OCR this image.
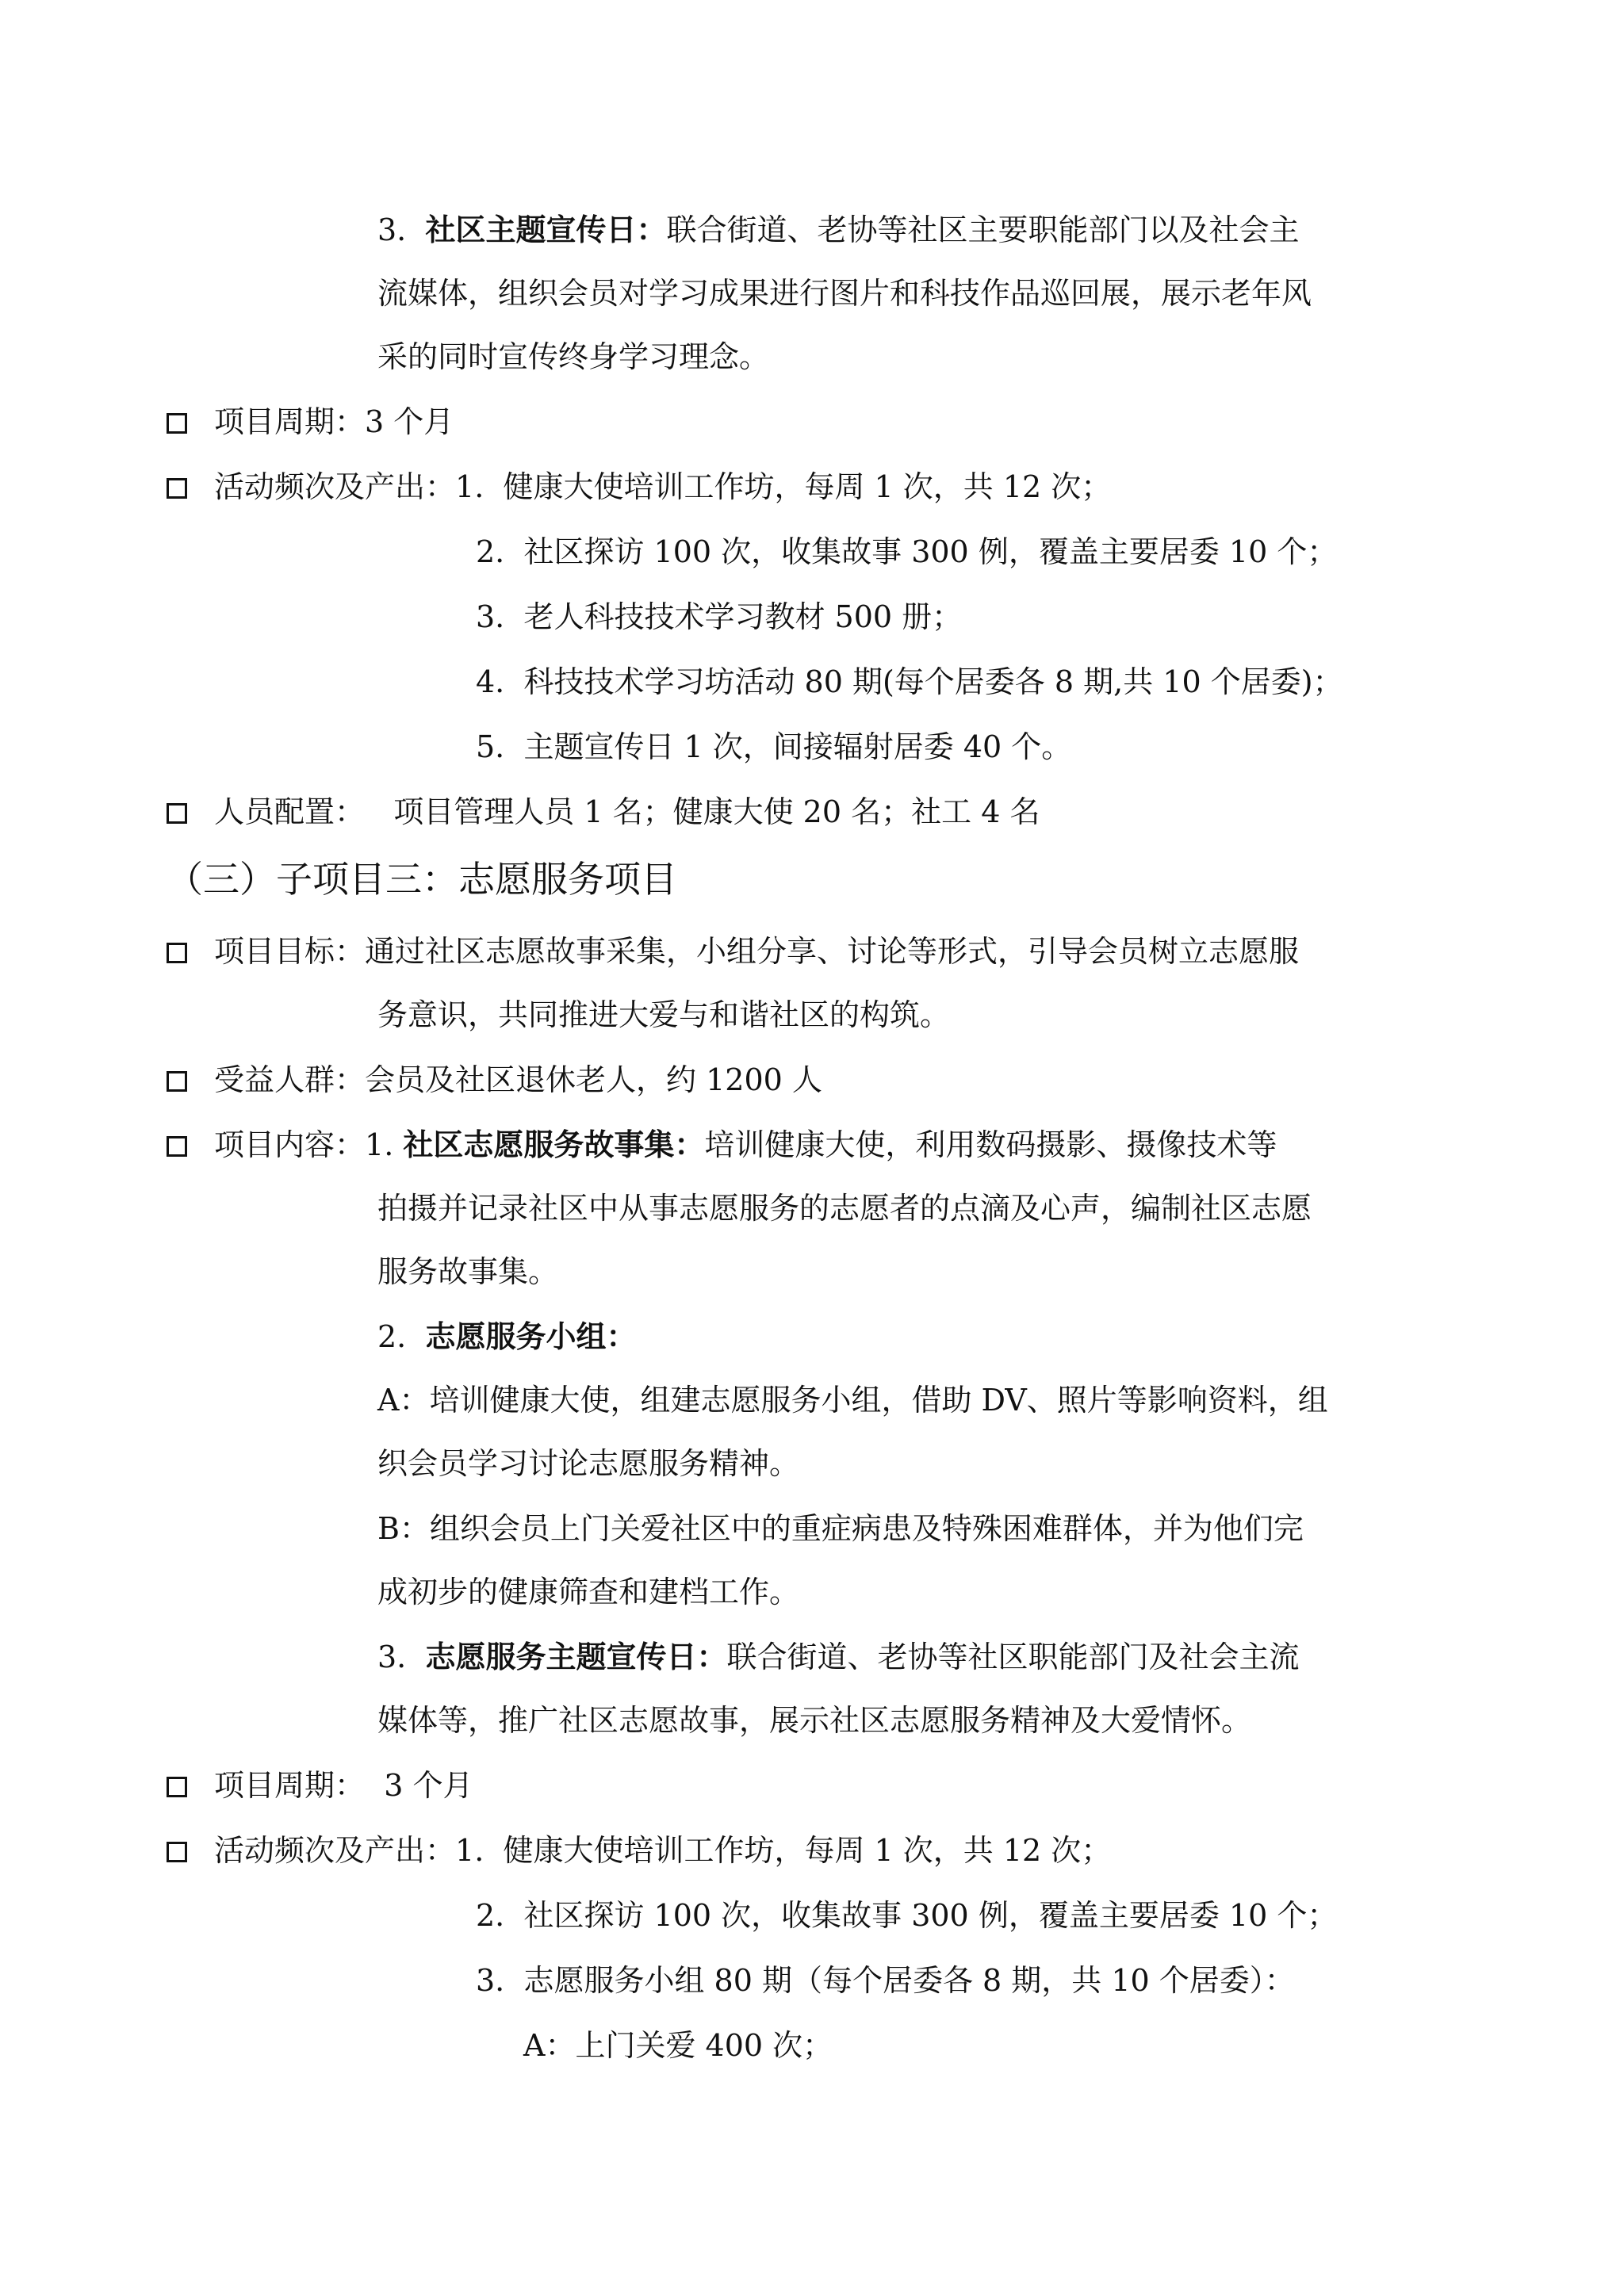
3. 社区主题宣传日：联合街道、老协等社区主要职能部门以及社会主
流媒体，组织会员对学习成果进行图片和科技作品巡回展，展示老年风
采的同时宣传终身学习理念。
项目周期：3 个月
活动频次及产出：1. 健康大使培训工作坊，每周 1 次，共 12 次；
2. 社区探访 100 次，收集故事 300 例，覆盖主要居委 10 个；
3. 老人科技技术学习教材 500 册；
4. 科技技术学习坊活动 80 期(每个居委各 8 期,共 10 个居委)；
5. 主题宣传日 1 次，间接辐射居委 40 个。
人员配置： 项目管理人员 1 名；健康大使 20 名；社工 4 名
（三）子项目三：志愿服务项目
项目目标：通过社区志愿故事采集，小组分享、讨论等形式，引导会员树立志愿服
务意识，共同推进大爱与和谐社区的构筑。
受益人群：会员及社区退休老人，约 1200 人
项目内容：1. 社区志愿服务故事集：培训健康大使，利用数码摄影、摄像技术等
拍摄并记录社区中从事志愿服务的志愿者的点滴及心声，编制社区志愿
服务故事集。
2. 志愿服务小组：
A：培训健康大使，组建志愿服务小组，借助 DV、照片等影响资料，组
织会员学习讨论志愿服务精神。
B：组织会员上门关爱社区中的重症病患及特殊困难群体，并为他们完
成初步的健康筛查和建档工作。
3. 志愿服务主题宣传日：联合街道、老协等社区职能部门及社会主流
媒体等，推广社区志愿故事，展示社区志愿服务精神及大爱情怀。
项目周期： 3 个月
活动频次及产出：1. 健康大使培训工作坊，每周 1 次，共 12 次；
2. 社区探访 100 次，收集故事 300 例，覆盖主要居委 10 个；
3. 志愿服务小组 80 期（每个居委各 8 期，共 10 个居委）：
A：上门关爱 400 次；
